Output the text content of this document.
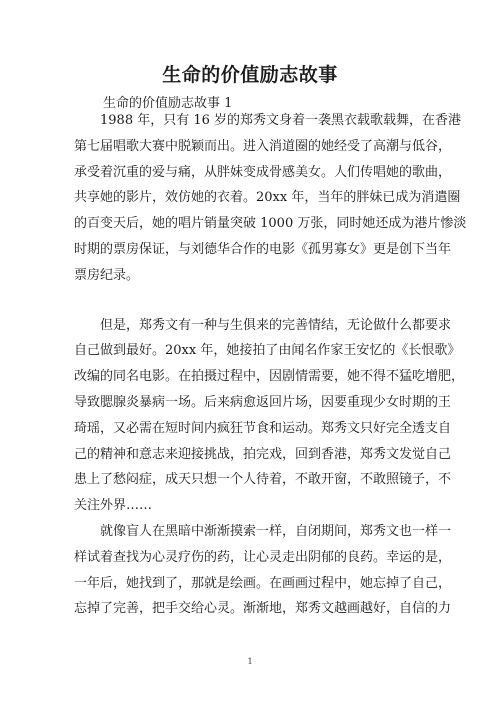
生命的价值励志故事
生命的价值励志故事 1
1988 年，只有 16 岁的郑秀文身着一袭黑衣载歌载舞，在香港
第七届唱歌大赛中脱颖而出。进入消道圈的她经受了高潮与低谷，
承受着沉重的爱与痛，从胖妹变成骨感美女。人们传唱她的歌曲，
共享她的影片，效仿她的衣着。20xx 年，当年的胖妹已成为消遣圈
的百变天后，她的唱片销量突破 1000 万张，同时她还成为港片惨淡
时期的票房保证，与刘德华合作的电影《孤男寡女》更是创下当年
票房纪录。
但是，郑秀文有一种与生俱来的完善情结，无论做什么都要求
自己做到最好。20xx 年，她接拍了由闻名作家王安忆的《长恨歌》
改编的同名电影。在拍摄过程中，因剧情需要，她不得不猛吃增肥，
导致腮腺炎暴病一场。后来病愈返回片场，因要重现少女时期的王
琦瑶，又必需在短时间内疯狂节食和运动。郑秀文只好完全透支自
己的精神和意志来迎接挑战，拍完戏，回到香港，郑秀文发觉自己
患上了愁闷症，成天只想一个人待着，不敢开窗，不敢照镜子，不
关注外界……
就像盲人在黑暗中渐渐摸索一样，自闭期间，郑秀文也一样一
样试着查找为心灵疗伤的药，让心灵走出阴郁的良药。幸运的是，
一年后，她找到了，那就是绘画。在画画过程中，她忘掉了自己，
忘掉了完善，把手交给心灵。渐渐地，郑秀文越画越好，自信的力
1
